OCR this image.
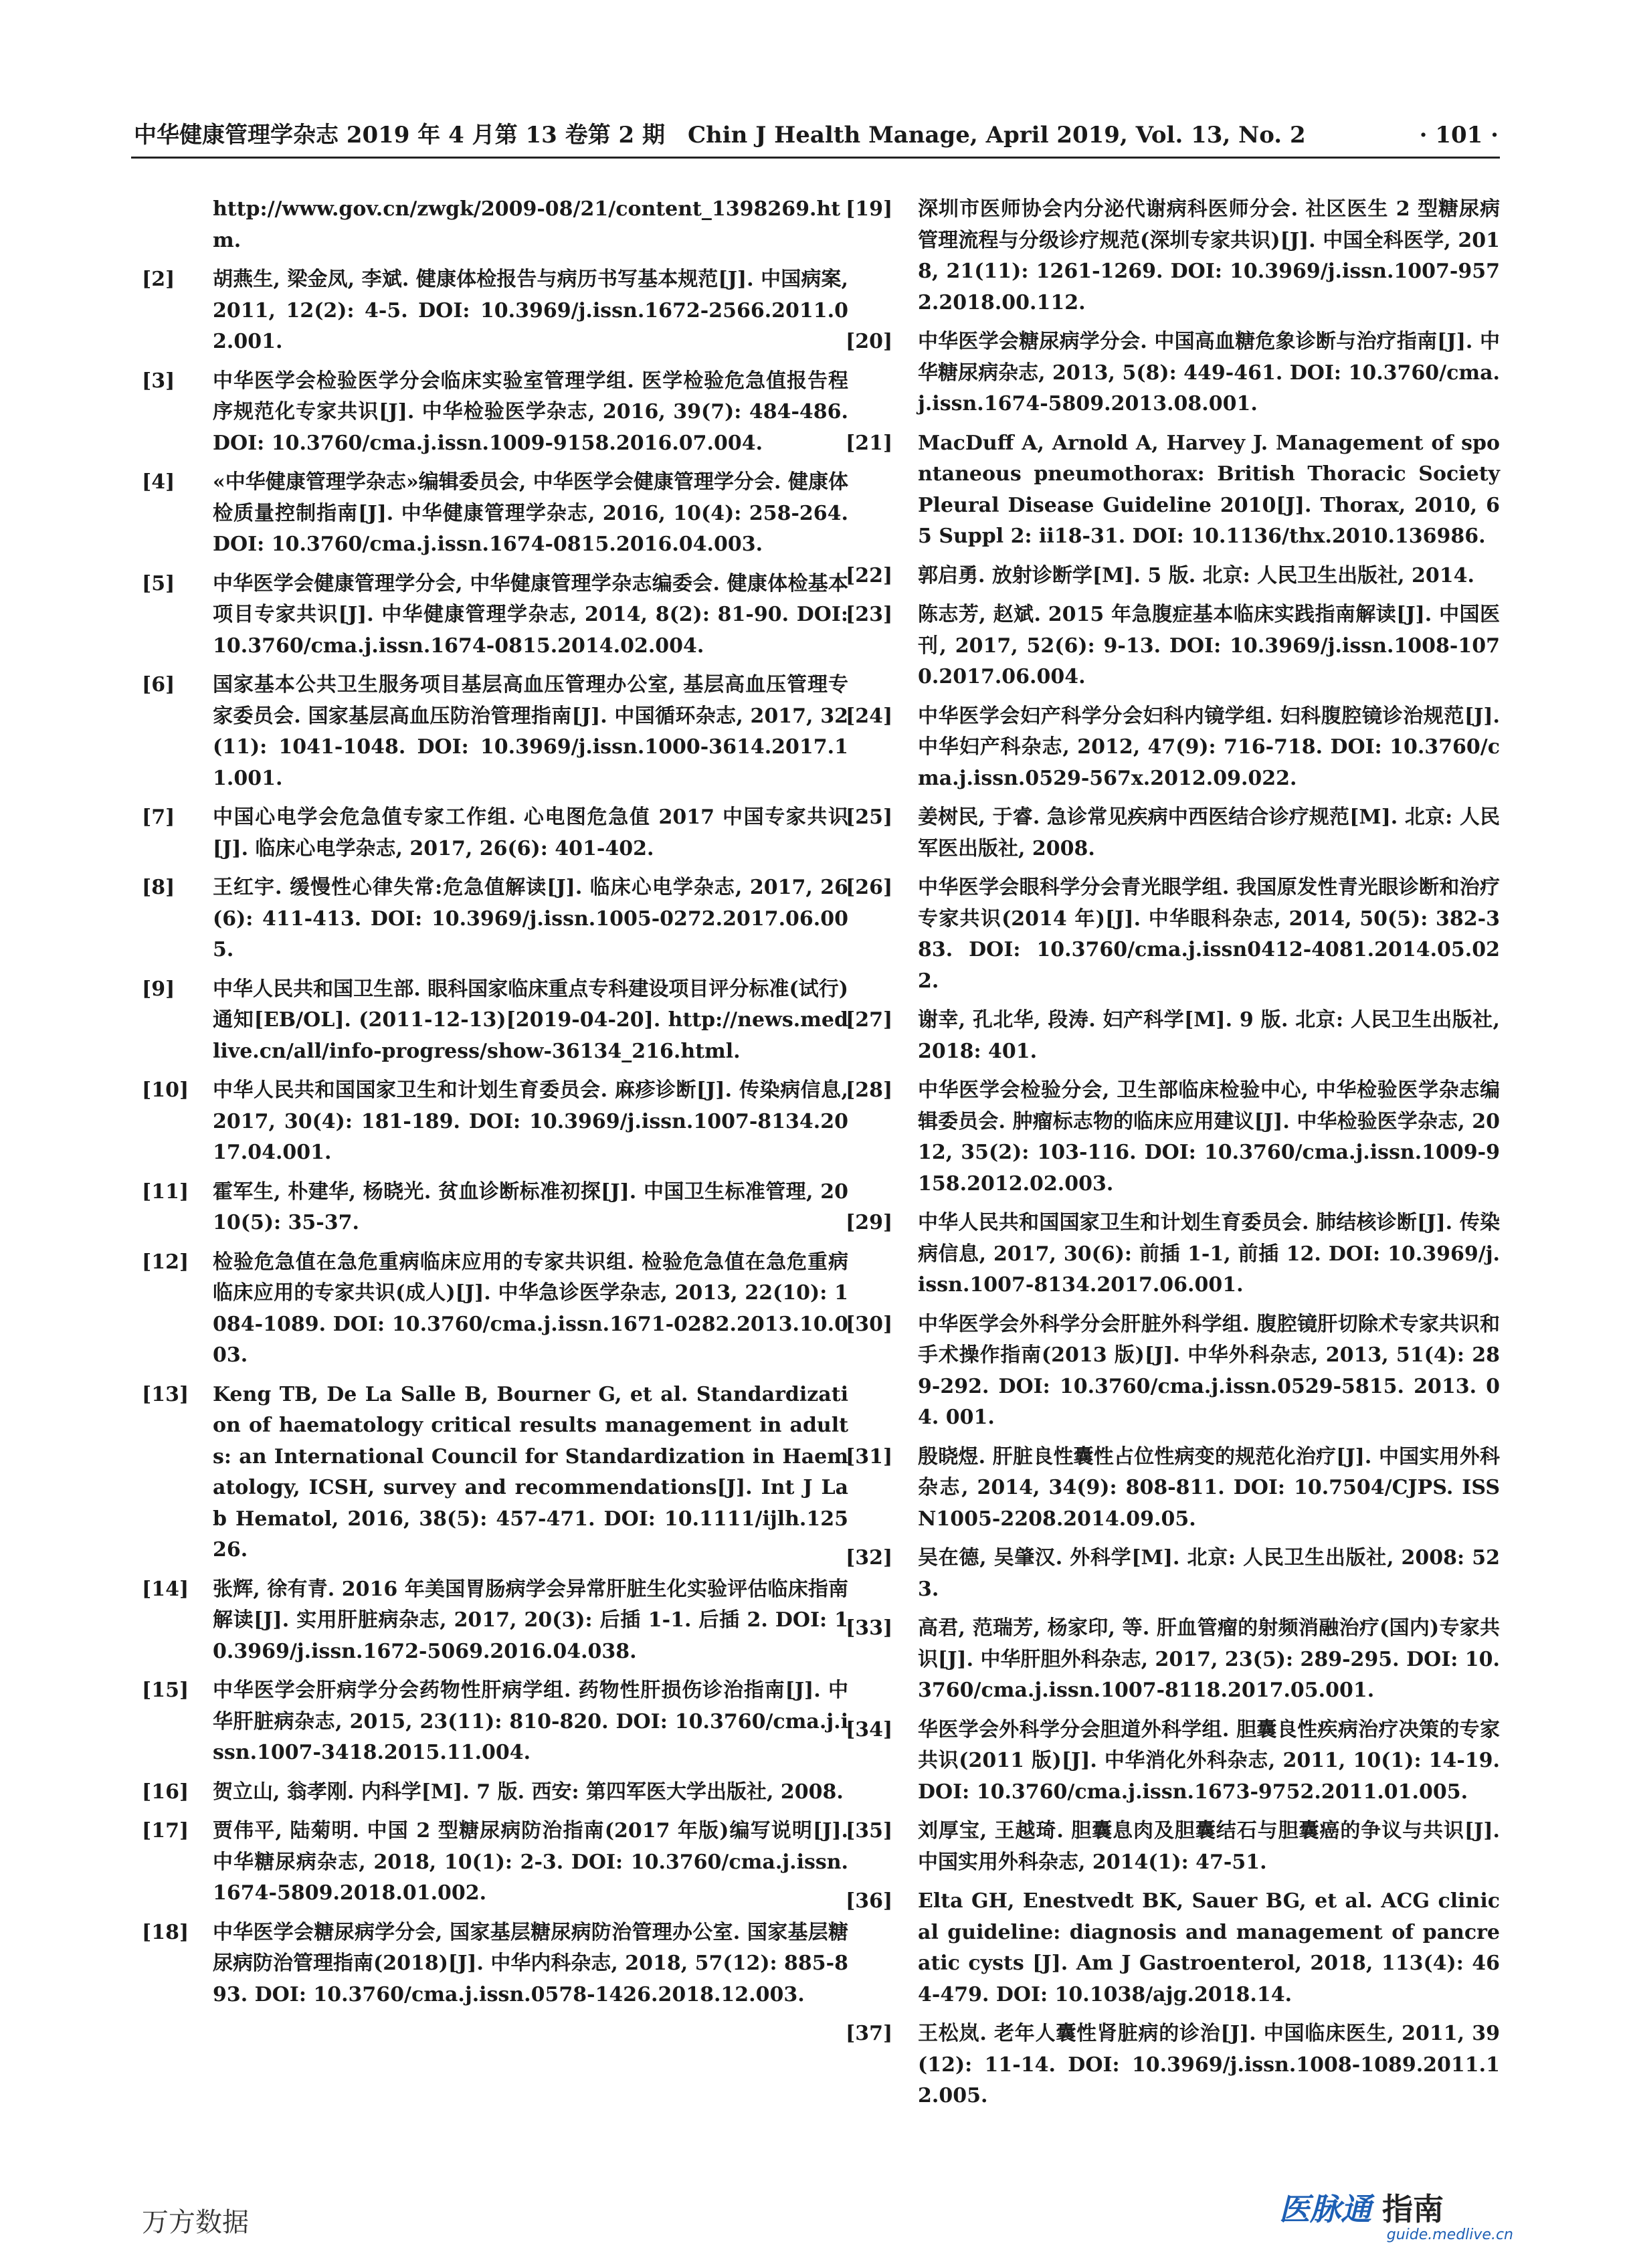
中华健康管理学杂志 2019 年 4 月第 13 卷第 2 期　Chin J Health Manage, April 2019, Vol. 13, No. 2	· 101 ·
http://www.gov.cn/zwgk/2009-08/21/content_1398269.htm.
[2] 胡燕生, 梁金凤, 李斌. 健康体检报告与病历书写基本规范[J]. 中国病案, 2011, 12(2): 4-5. DOI: 10.3969/j.issn.1672-2566.2011.02.001.
[3] 中华医学会检验医学分会临床实验室管理学组. 医学检验危急值报告程序规范化专家共识[J]. 中华检验医学杂志, 2016, 39(7): 484-486. DOI: 10.3760/cma.j.issn.1009-9158.2016.07.004.
[4] «中华健康管理学杂志»编辑委员会, 中华医学会健康管理学分会. 健康体检质量控制指南[J]. 中华健康管理学杂志, 2016, 10(4): 258-264. DOI: 10.3760/cma.j.issn.1674-0815.2016.04.003.
[5] 中华医学会健康管理学分会, 中华健康管理学杂志编委会. 健康体检基本项目专家共识[J]. 中华健康管理学杂志, 2014, 8(2): 81-90. DOI: 10.3760/cma.j.issn.1674-0815.2014.02.004.
[6] 国家基本公共卫生服务项目基层高血压管理办公室, 基层高血压管理专家委员会. 国家基层高血压防治管理指南[J]. 中国循环杂志, 2017, 32(11): 1041-1048. DOI: 10.3969/j.issn.1000-3614.2017.11.001.
[7] 中国心电学会危急值专家工作组. 心电图危急值 2017 中国专家共识[J]. 临床心电学杂志, 2017, 26(6): 401-402.
[8] 王红宇. 缓慢性心律失常:危急值解读[J]. 临床心电学杂志, 2017, 26(6): 411-413. DOI: 10.3969/j.issn.1005-0272.2017.06.005.
[9] 中华人民共和国卫生部. 眼科国家临床重点专科建设项目评分标准(试行)通知[EB/OL]. (2011-12-13)[2019-04-20]. http://news.medlive.cn/all/info-progress/show-36134_216.html.
[10] 中华人民共和国国家卫生和计划生育委员会. 麻疹诊断[J]. 传染病信息, 2017, 30(4): 181-189. DOI: 10.3969/j.issn.1007-8134.2017.04.001.
[11] 霍军生, 朴建华, 杨晓光. 贫血诊断标准初探[J]. 中国卫生标准管理, 2010(5): 35-37.
[12] 检验危急值在急危重病临床应用的专家共识组. 检验危急值在急危重病临床应用的专家共识(成人)[J]. 中华急诊医学杂志, 2013, 22(10): 1084-1089. DOI: 10.3760/cma.j.issn.1671-0282.2013.10.003.
[13] Keng TB, De La Salle B, Bourner G, et al. Standardization of haematology critical results management in adults: an International Council for Standardization in Haematology, ICSH, survey and recommendations[J]. Int J Lab Hematol, 2016, 38(5): 457-471. DOI: 10.1111/ijlh.12526.
[14] 张辉, 徐有青. 2016 年美国胃肠病学会异常肝脏生化实验评估临床指南解读[J]. 实用肝脏病杂志, 2017, 20(3): 后插 1-1. 后插 2. DOI: 10.3969/j.issn.1672-5069.2016.04.038.
[15] 中华医学会肝病学分会药物性肝病学组. 药物性肝损伤诊治指南[J]. 中华肝脏病杂志, 2015, 23(11): 810-820. DOI: 10.3760/cma.j.issn.1007-3418.2015.11.004.
[16] 贺立山, 翁孝刚. 内科学[M]. 7 版. 西安: 第四军医大学出版社, 2008.
[17] 贾伟平, 陆菊明. 中国 2 型糖尿病防治指南(2017 年版)编写说明[J]. 中华糖尿病杂志, 2018, 10(1): 2-3. DOI: 10.3760/cma.j.issn.1674-5809.2018.01.002.
[18] 中华医学会糖尿病学分会, 国家基层糖尿病防治管理办公室. 国家基层糖尿病防治管理指南(2018)[J]. 中华内科杂志, 2018, 57(12): 885-893. DOI: 10.3760/cma.j.issn.0578-1426.2018.12.003.
[19] 深圳市医师协会内分泌代谢病科医师分会. 社区医生 2 型糖尿病管理流程与分级诊疗规范(深圳专家共识)[J]. 中国全科医学, 2018, 21(11): 1261-1269. DOI: 10.3969/j.issn.1007-9572.2018.00.112.
[20] 中华医学会糖尿病学分会. 中国高血糖危象诊断与治疗指南[J]. 中华糖尿病杂志, 2013, 5(8): 449-461. DOI: 10.3760/cma.j.issn.1674-5809.2013.08.001.
[21] MacDuff A, Arnold A, Harvey J. Management of spontaneous pneumothorax: British Thoracic Society Pleural Disease Guideline 2010[J]. Thorax, 2010, 65 Suppl 2: ii18-31. DOI: 10.1136/thx.2010.136986.
[22] 郭启勇. 放射诊断学[M]. 5 版. 北京: 人民卫生出版社, 2014.
[23] 陈志芳, 赵斌. 2015 年急腹症基本临床实践指南解读[J]. 中国医刊, 2017, 52(6): 9-13. DOI: 10.3969/j.issn.1008-1070.2017.06.004.
[24] 中华医学会妇产科学分会妇科内镜学组. 妇科腹腔镜诊治规范[J]. 中华妇产科杂志, 2012, 47(9): 716-718. DOI: 10.3760/cma.j.issn.0529-567x.2012.09.022.
[25] 姜树民, 于睿. 急诊常见疾病中西医结合诊疗规范[M]. 北京: 人民军医出版社, 2008.
[26] 中华医学会眼科学分会青光眼学组. 我国原发性青光眼诊断和治疗专家共识(2014 年)[J]. 中华眼科杂志, 2014, 50(5): 382-383. DOI: 10.3760/cma.j.issn0412-4081.2014.05.022.
[27] 谢幸, 孔北华, 段涛. 妇产科学[M]. 9 版. 北京: 人民卫生出版社, 2018: 401.
[28] 中华医学会检验分会, 卫生部临床检验中心, 中华检验医学杂志编辑委员会. 肿瘤标志物的临床应用建议[J]. 中华检验医学杂志, 2012, 35(2): 103-116. DOI: 10.3760/cma.j.issn.1009-9158.2012.02.003.
[29] 中华人民共和国国家卫生和计划生育委员会. 肺结核诊断[J]. 传染病信息, 2017, 30(6): 前插 1-1, 前插 12. DOI: 10.3969/j.issn.1007-8134.2017.06.001.
[30] 中华医学会外科学分会肝脏外科学组. 腹腔镜肝切除术专家共识和手术操作指南(2013 版)[J]. 中华外科杂志, 2013, 51(4): 289-292. DOI: 10.3760/cma.j.issn.0529-5815. 2013. 04. 001.
[31] 殷晓煜. 肝脏良性囊性占位性病变的规范化治疗[J]. 中国实用外科杂志, 2014, 34(9): 808-811. DOI: 10.7504/CJPS. ISSN1005-2208.2014.09.05.
[32] 吴在德, 吴肇汉. 外科学[M]. 北京: 人民卫生出版社, 2008: 523.
[33] 高君, 范瑞芳, 杨家印, 等. 肝血管瘤的射频消融治疗(国内)专家共识[J]. 中华肝胆外科杂志, 2017, 23(5): 289-295. DOI: 10.3760/cma.j.issn.1007-8118.2017.05.001.
[34] 华医学会外科学分会胆道外科学组. 胆囊良性疾病治疗决策的专家共识(2011 版)[J]. 中华消化外科杂志, 2011, 10(1): 14-19. DOI: 10.3760/cma.j.issn.1673-9752.2011.01.005.
[35] 刘厚宝, 王越琦. 胆囊息肉及胆囊结石与胆囊癌的争议与共识[J]. 中国实用外科杂志, 2014(1): 47-51.
[36] Elta GH, Enestvedt BK, Sauer BG, et al. ACG clinical guideline: diagnosis and management of pancreatic cysts [J]. Am J Gastroenterol, 2018, 113(4): 464-479. DOI: 10.1038/ajg.2018.14.
[37] 王松岚. 老年人囊性肾脏病的诊治[J]. 中国临床医生, 2011, 39(12): 11-14. DOI: 10.3969/j.issn.1008-1089.2011.12.005.
万方数据	医脉通 指南
guide.medlive.cn
